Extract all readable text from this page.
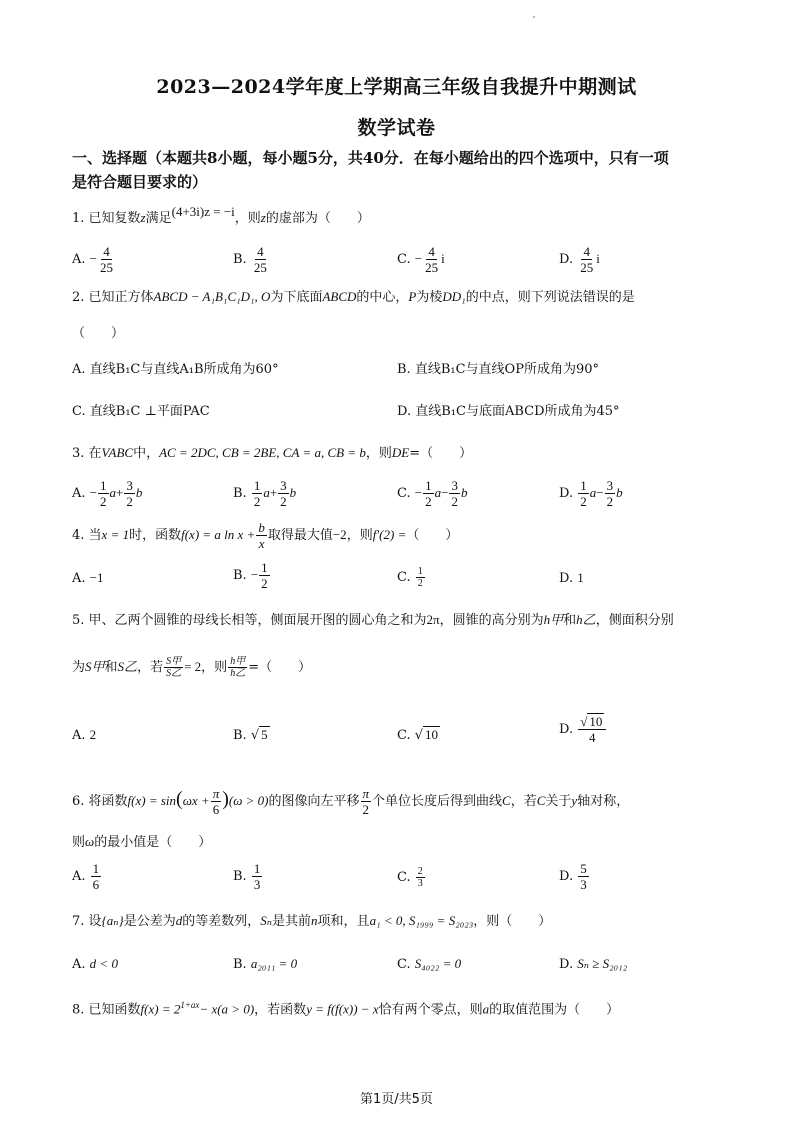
2023—2024学年度上学期高三年级自我提升中期测试
数学试卷
一、选择题（本题共8小题，每小题5分，共40分．在每小题给出的四个选项中，只有一项
是符合题目要求的）
1. 已知复数z满足(4+3i)z = −i，则z的虚部为（　　）
A. − $\frac{4}{25}$	B. $\frac{4}{25}$	C. − $\frac{4}{25}$ i	D. $\frac{4}{25}$ i
2. 已知正方体ABCD − A₁B₁C₁D₁, O为下底面ABCD的中心，P为棱DD₁的中点，则下列说法错误的是
（　　）
A. 直线B₁C与直线A₁B所成角为60°	B. 直线B₁C与直线OP所成角为90°
C. 直线B₁C ⊥平面PAC	D. 直线B₁C与底面ABCD所成角为45°
3. 在VABC中，AC = 2DC, CB = 2BE, CA = a, CB = b，则DE=（　　）
A. − $\frac{1}{2} a+ \frac{3}{2}$ b	B. $\frac{1}{2} a+ \frac{3}{2}$ b	C. − $\frac{1}{2} a- \frac{3}{2}$ b	D. $\frac{1}{2} a- \frac{3}{2}$ b
4. 当x = 1时，函数f(x) = a $\ln x + \frac{b}{x}$ 取得最大值−2，则f′(2) =（　　）
A. −1	B. − $\frac{1}{2}$	C. $\frac{1}{2}$	D. 1
5. 甲、乙两个圆锥的母线长相等，侧面展开图的圆心角之和为2π，圆锥的高分别为h甲和h乙，侧面积分别
为S甲和S乙，若 $\frac{\text{S甲}}{\text{S乙}} = 2$，则 $\frac{\text{h甲}}{\text{h乙}}$ =（　　）
A. 2	B. √ 5	C. √ 10	D. $\frac{√ 10}{4}$
6. 将函数$f(x) = \sin(\omega x + \frac{\pi}{6} )(\omega > 0)$的图像向左平移 $\frac{\pi}{2}$ 个单位长度后得到曲线C，若C关于y轴对称，
则ω的最小值是（　　）
A. $\frac{1}{6}$	B. $\frac{1}{3}$	C. $\frac{2}{3}$	D. $\frac{5}{3}$
7. 设{aₙ}是公差为d的等差数列，Sₙ是其前n项和，且a₁ < 0, S₁₉₉₉ = S₂₀₂₃，则（　　）
A. d < 0	B. a₂₀₁₁ = 0	C. S₄₀₂₂ = 0	D. Sₙ ≥ S₂₀₁₂
8. 已知函数$f(x) = 2^{1+ax}- x(a > 0)$，若函数y = f(f(x)) − x恰有两个零点，则a的取值范围为（　　）
第1页/共5页
